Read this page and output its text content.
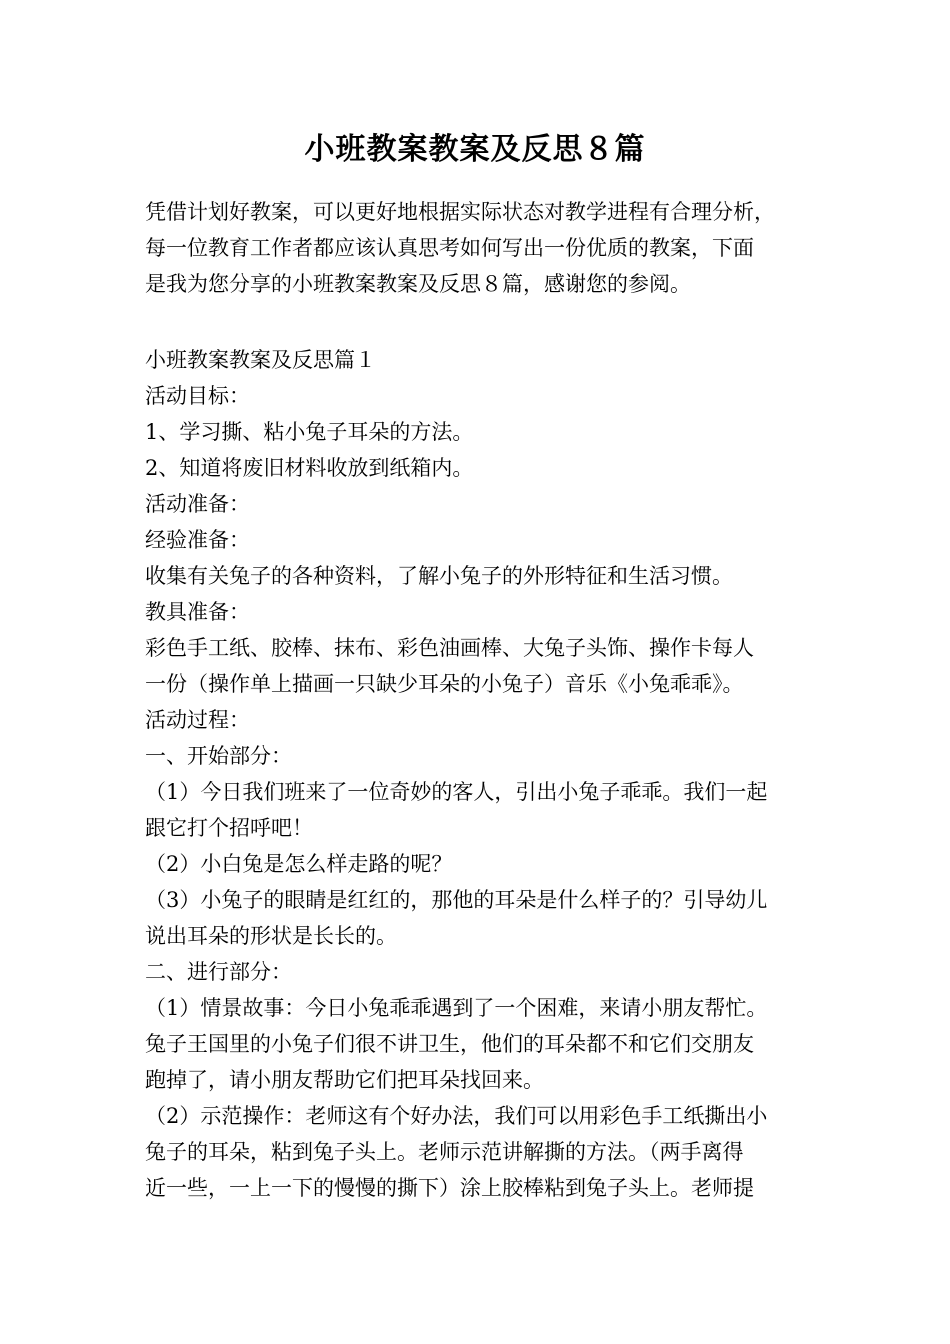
小班教案教案及反思８篇

凭借计划好教案，可以更好地根据实际状态对教学进程有合理分析，

每一位教育工作者都应该认真思考如何写出一份优质的教案，下面

是我为您分享的小班教案教案及反思８篇，感谢您的参阅。

小班教案教案及反思篇１

活动目标：

1、学习撕、粘小兔子耳朵的方法。

2、知道将废旧材料收放到纸箱内。

活动准备：

经验准备：

收集有关兔子的各种资料，了解小兔子的外形特征和生活习惯。

教具准备：

彩色手工纸、胶棒、抹布、彩色油画棒、大兔子头饰、操作卡每人

一份（操作单上描画一只缺少耳朵的小兔子）音乐《小兔乖乖》。

活动过程：

一、开始部分：

（1）今日我们班来了一位奇妙的客人，引出小兔子乖乖。我们一起

跟它打个招呼吧！

（2）小白兔是怎么样走路的呢？

（3）小兔子的眼睛是红红的，那他的耳朵是什么样子的？引导幼儿

说出耳朵的形状是长长的。

二、进行部分：

（1）情景故事：今日小兔乖乖遇到了一个困难，来请小朋友帮忙。

兔子王国里的小兔子们很不讲卫生，他们的耳朵都不和它们交朋友

跑掉了，请小朋友帮助它们把耳朵找回来。

（2）示范操作：老师这有个好办法，我们可以用彩色手工纸撕出小

兔子的耳朵，粘到兔子头上。老师示范讲解撕的方法。（两手离得

近一些，一上一下的慢慢的撕下）涂上胶棒粘到兔子头上。老师提
